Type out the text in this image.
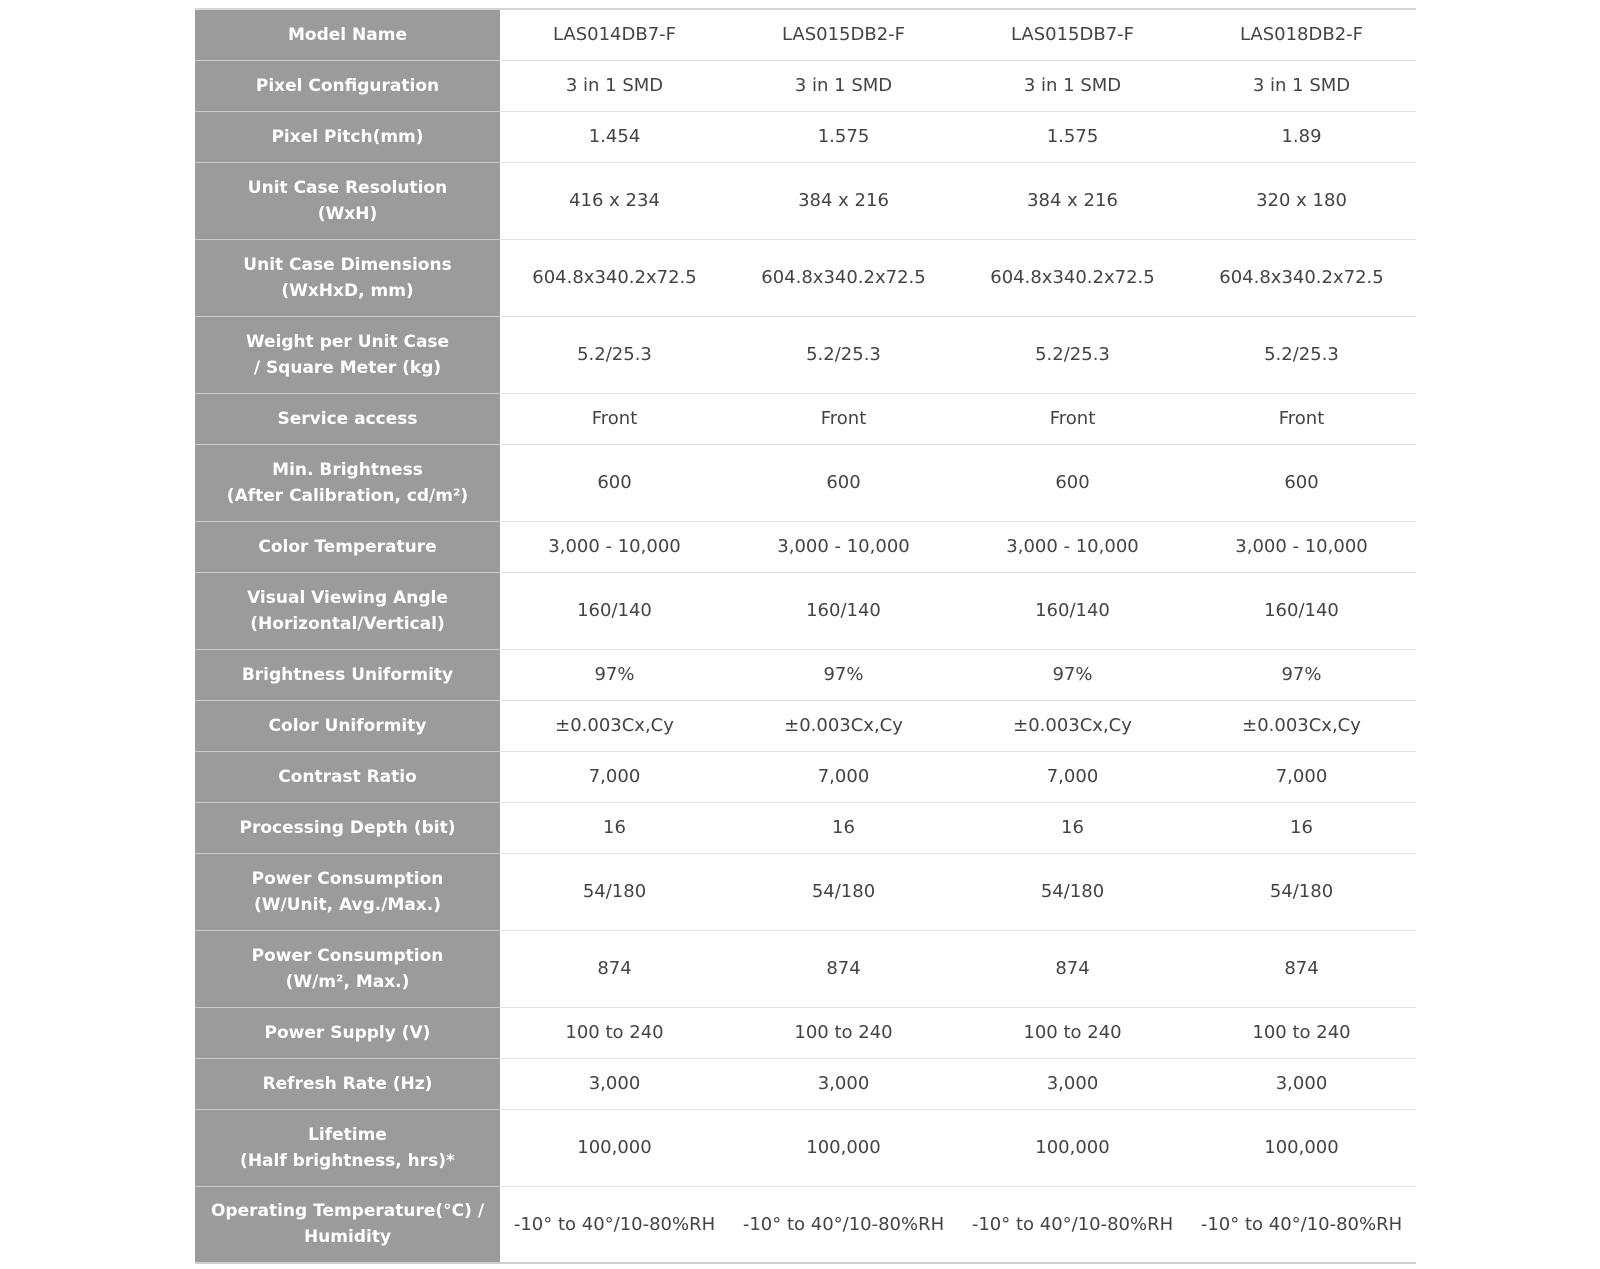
Model Name	LAS014DB7-F	LAS015DB2-F	LAS015DB7-F	LAS018DB2-F
Pixel Configuration	3 in 1 SMD	3 in 1 SMD	3 in 1 SMD	3 in 1 SMD
Pixel Pitch(mm)	1.454	1.575	1.575	1.89
Unit Case Resolution
(WxH)	416 x 234	384 x 216	384 x 216	320 x 180
Unit Case Dimensions
(WxHxD, mm)	604.8x340.2x72.5	604.8x340.2x72.5	604.8x340.2x72.5	604.8x340.2x72.5
Weight per Unit Case
/ Square Meter (kg)	5.2/25.3	5.2/25.3	5.2/25.3	5.2/25.3
Service access	Front	Front	Front	Front
Min. Brightness
(After Calibration, cd/m²)	600	600	600	600
Color Temperature	3,000 - 10,000	3,000 - 10,000	3,000 - 10,000	3,000 - 10,000
Visual Viewing Angle
(Horizontal/Vertical)	160/140	160/140	160/140	160/140
Brightness Uniformity	97%	97%	97%	97%
Color Uniformity	±0.003Cx,Cy	±0.003Cx,Cy	±0.003Cx,Cy	±0.003Cx,Cy
Contrast Ratio	7,000	7,000	7,000	7,000
Processing Depth (bit)	16	16	16	16
Power Consumption
(W/Unit, Avg./Max.)	54/180	54/180	54/180	54/180
Power Consumption
(W/m², Max.)	874	874	874	874
Power Supply (V)	100 to 240	100 to 240	100 to 240	100 to 240
Refresh Rate (Hz)	3,000	3,000	3,000	3,000
Lifetime
(Half brightness, hrs)*	100,000	100,000	100,000	100,000
Operating Temperature(°C) /
Humidity	-10° to 40°/10-80%RH	-10° to 40°/10-80%RH	-10° to 40°/10-80%RH	-10° to 40°/10-80%RH
